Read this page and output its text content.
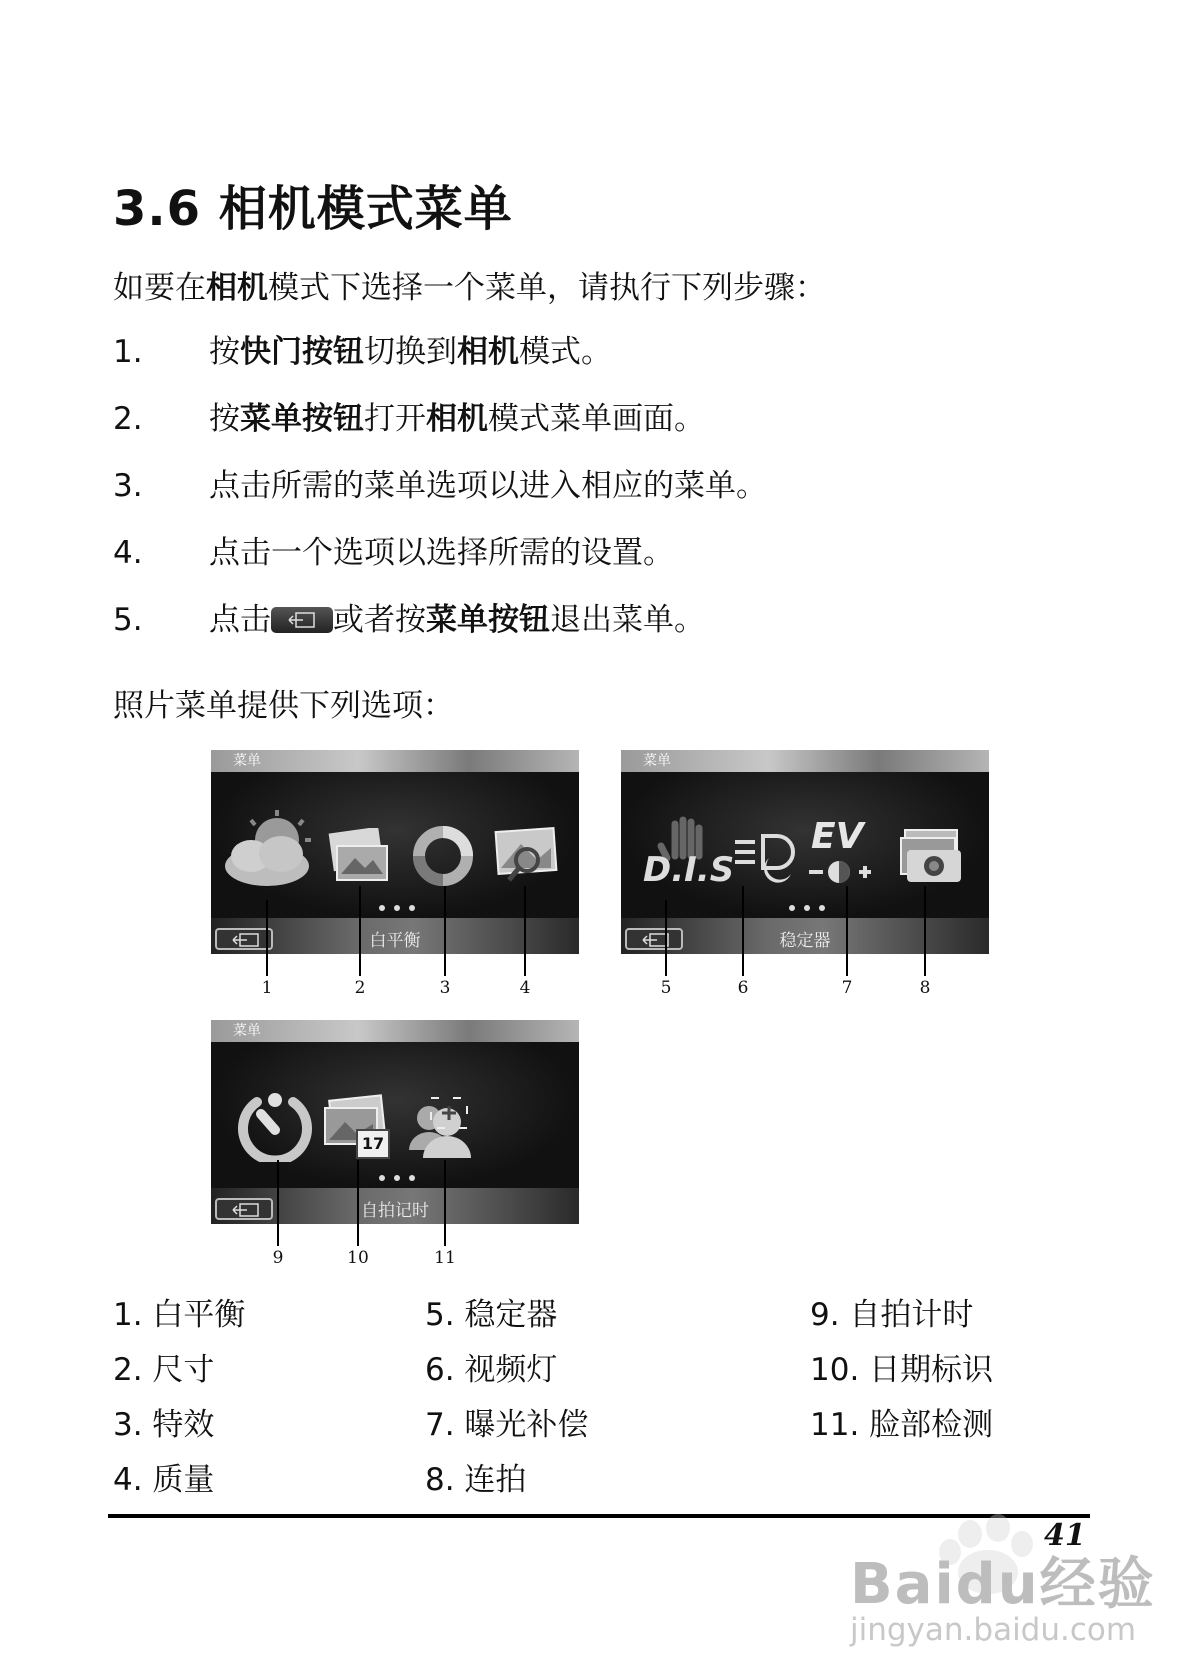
3.6 相机模式菜单
如要在相机模式下选择一个菜单，请执行下列步骤：
1. 按快门按钮切换到相机模式。
2. 按菜单按钮打开相机模式菜单画面。
3. 点击所需的菜单选项以进入相应的菜单。
4. 点击一个选项以选择所需的设置。
5. 点击 或者按菜单按钮退出菜单。
照片菜单提供下列选项：
菜单
白平衡
菜单
稳定器
D.I.S
EV
菜单
自拍记时
17
1	2	3	4	5	6	7	8
9	10	11
1. 白平衡
2. 尺寸
3. 特效
4. 质量
5. 稳定器
6. 视频灯
7. 曝光补偿
8. 连拍
9. 自拍计时
10. 日期标识
11. 脸部检测
41
Baidu经验
jingyan.baidu.com
